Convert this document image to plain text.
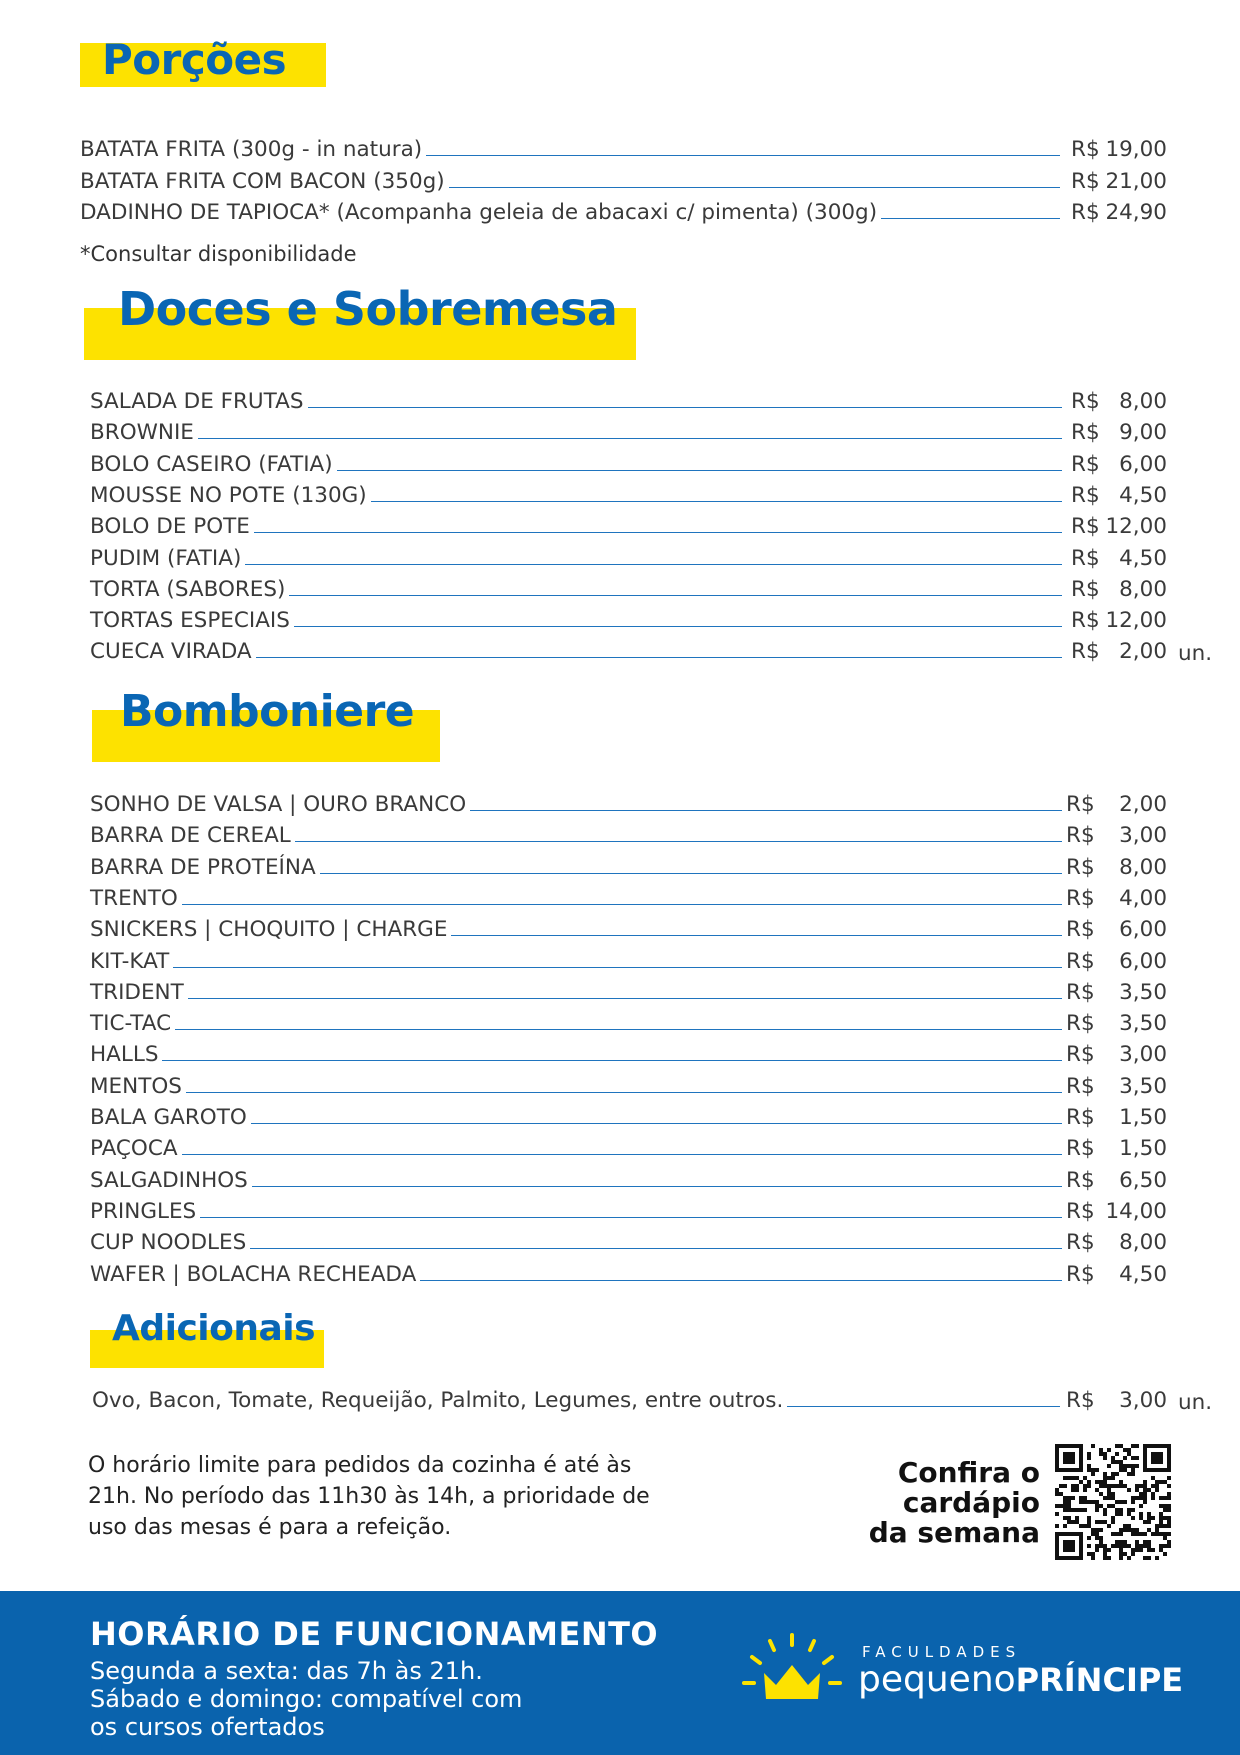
Porções
BATATA FRITA (300g - in natura)	R$ 19,00
BATATA FRITA COM BACON (350g)	R$ 21,00
DADINHO DE TAPIOCA* (Acompanha geleia de abacaxi c/ pimenta) (300g)	R$ 24,90
*Consultar disponibilidade
Doces e Sobremesa
SALADA DE FRUTAS	R$ 8,00
BROWNIE	R$ 9,00
BOLO CASEIRO (FATIA)	R$ 6,00
MOUSSE NO POTE (130G)	R$ 4,50
BOLO DE POTE	R$ 12,00
PUDIM (FATIA)	R$ 4,50
TORTA (SABORES)	R$ 8,00
TORTAS ESPECIAIS	R$ 12,00
CUECA VIRADA	R$ 2,00 un.
Bomboniere
SONHO DE VALSA | OURO BRANCO	R$	2,00
BARRA DE CEREAL	R$	3,00
BARRA DE PROTEÍNA	R$	8,00
TRENTO	R$	4,00
SNICKERS | CHOQUITO | CHARGE	R$	6,00
KIT-KAT	R$	6,00
TRIDENT	R$	3,50
TIC-TAC	R$	3,50
HALLS	R$	3,00
MENTOS	R$	3,50
BALA GAROTO	R$	1,50
PAÇOCA	R$	1,50
SALGADINHOS	R$	6,50
PRINGLES	R$ 14,00
CUP NOODLES	R$	8,00
WAFER | BOLACHA RECHEADA	R$	4,50
Adicionais
Ovo, Bacon, Tomate, Requeijão, Palmito, Legumes, entre outros.	R$	3,00 un.
O horário limite para pedidos da cozinha é até às
21h. No período das 11h30 às 14h, a prioridade de
uso das mesas é para a refeição.
Confira o
cardápio
da semana
HORÁRIO DE FUNCIONAMENTO
Segunda a sexta: das 7h às 21h.
Sábado e domingo: compatível com
os cursos ofertados
FACULDADES
pequenoPRÍNCIPE
